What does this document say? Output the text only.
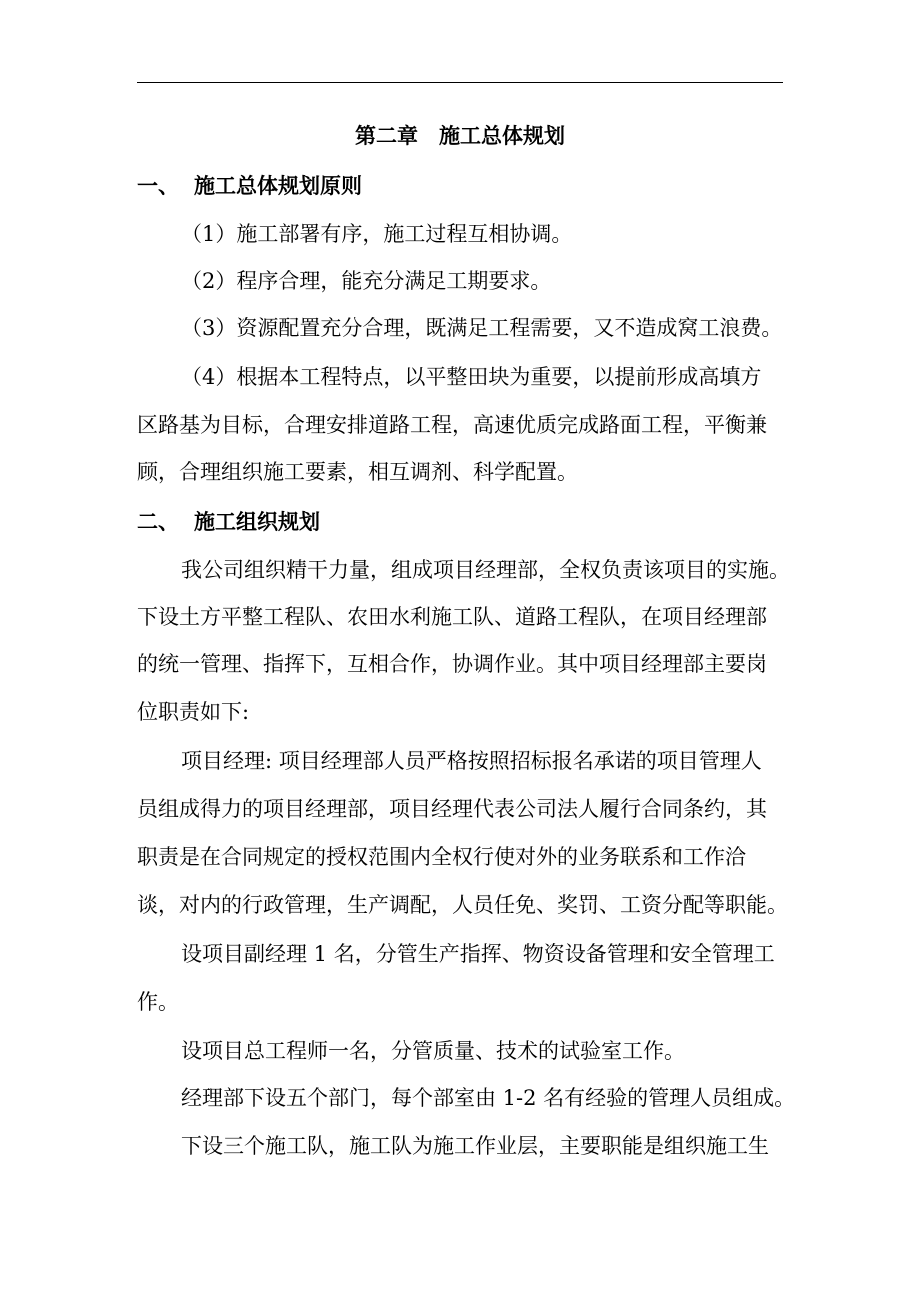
第二章　施工总体规划
一、 施工总体规划原则
（1）施工部署有序，施工过程互相协调。
（2）程序合理，能充分满足工期要求。
（3）资源配置充分合理，既满足工程需要，又不造成窝工浪费。
（4）根据本工程特点，以平整田块为重要，以提前形成高填方
区路基为目标，合理安排道路工程，高速优质完成路面工程，平衡兼
顾，合理组织施工要素，相互调剂、科学配置。
二、 施工组织规划
我公司组织精干力量，组成项目经理部，全权负责该项目的实施。
下设土方平整工程队、农田水利施工队、道路工程队，在项目经理部
的统一管理、指挥下，互相合作，协调作业。其中项目经理部主要岗
位职责如下:
项目经理: 项目经理部人员严格按照招标报名承诺的项目管理人
员组成得力的项目经理部，项目经理代表公司法人履行合同条约，其
职责是在合同规定的授权范围内全权行使对外的业务联系和工作洽
谈，对内的行政管理，生产调配，人员任免、奖罚、工资分配等职能。
设项目副经理 1 名，分管生产指挥、物资设备管理和安全管理工
作。
设项目总工程师一名，分管质量、技术的试验室工作。
经理部下设五个部门，每个部室由 1-2 名有经验的管理人员组成。
下设三个施工队，施工队为施工作业层，主要职能是组织施工生
